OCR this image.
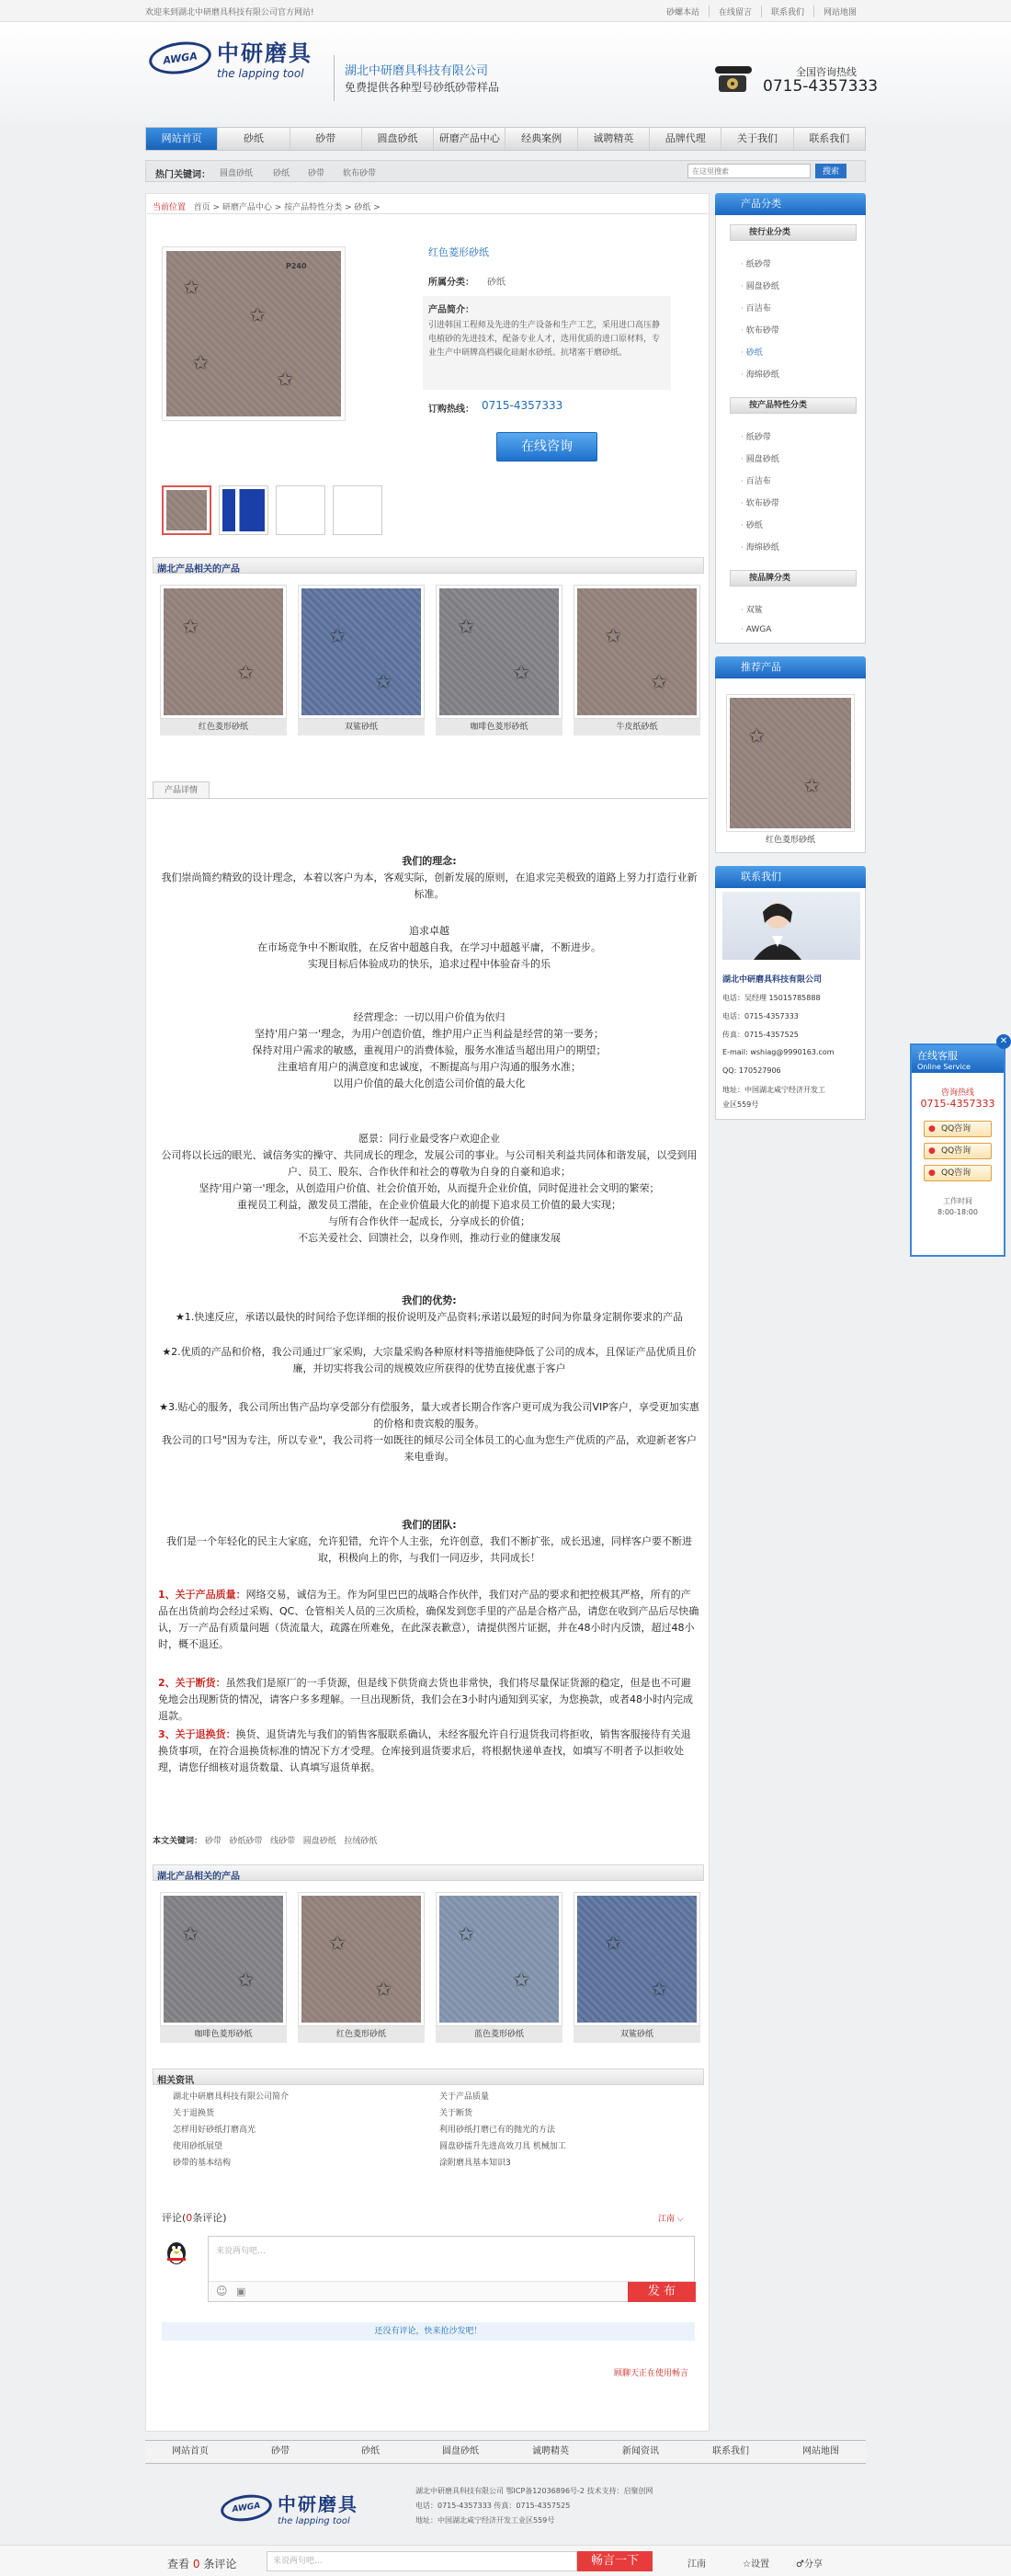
欢迎来到湖北中研磨具科技有限公司官方网站!	砂螺本站	在线留言	联系我们	网站地图
AWGA 中研磨具
the lapping tool	湖北中研磨具科技有限公司
免费提供各种型号砂纸砂带样品
全国咨询热线
0715-4357333
网站首页	砂纸	砂带	圆盘砂纸	研磨产品中心	经典案例	诚聘精英	品牌代理	关于我们	联系我们
热门关键词： 圆盘砂纸 砂纸 砂带 软布砂带
在这里搜索	搜索
当前位置 首页 > 研磨产品中心 > 按产品特性分类 > 砂纸 >
P240
✩
✩
✩
✩
红色菱形砂纸
所属分类： 砂纸
产品简介：
引进韩国工程师及先进的生产设备和生产工艺，采用进口高压静电植砂的先进技术，配备专业人才，选用优质的进口原材料，专业生产中研牌高档碳化硅耐水砂纸、抗堵塞干磨砂纸。
订购热线： 0715-4357333
在线咨询
湖北产品相关的产品
✩
✩
红色菱形砂纸
✩
✩
双鲨砂纸
✩
✩
咖啡色菱形砂纸
✩
✩
牛皮纸砂纸
产品详情
我们的理念:
我们崇尚简约精致的设计理念，本着以客户为本，客观实际，创新发展的原则，在追求完美极致的道路上努力打造行业新标准。
追求卓越
在市场竞争中不断取胜，在反省中超越自我，在学习中超越平庸，不断进步。
实现目标后体验成功的快乐，追求过程中体验奋斗的乐
经营理念：一切以用户价值为依归
坚持'用户第一'理念，为用户创造价值，维护用户正当利益是经营的第一要务；
保持对用户需求的敏感，重视用户的消费体验，服务水准适当超出用户的期望；
注重培育用户的满意度和忠诚度，不断提高与用户沟通的服务水准；
以用户价值的最大化创造公司价值的最大化
愿景：同行业最受客户欢迎企业
公司将以长远的眼光、诚信务实的操守、共同成长的理念，发展公司的事业。与公司相关利益共同体和谐发展，以受到用户、员工、股东、合作伙伴和社会的尊敬为自身的自豪和追求；
坚持'用户第一'理念，从创造用户价值、社会价值开始，从而提升企业价值，同时促进社会文明的繁荣；
重视员工利益，激发员工潜能，在企业价值最大化的前提下追求员工价值的最大实现；
与所有合作伙伴一起成长，分享成长的价值；
不忘关爱社会、回馈社会，以身作则，推动行业的健康发展
我们的优势:
★1.快速反应，承诺以最快的时间给予您详细的报价说明及产品资料;承诺以最短的时间为你量身定制你要求的产品
★2.优质的产品和价格，我公司通过厂家采购，大宗量采购各种原材料等措施使降低了公司的成本，且保证产品优质且价廉，并切实将我公司的规模效应所获得的优势直接优惠于客户
★3.贴心的服务，我公司所出售产品均享受部分有偿服务，量大或者长期合作客户更可成为我公司VIP客户，享受更加实惠的价格和贵宾般的服务。
我公司的口号"因为专注，所以专业"，我公司将一如既往的倾尽公司全体员工的心血为您生产优质的产品，欢迎新老客户来电垂询。
我们的团队:
我们是一个年轻化的民主大家庭，允许犯错，允许个人主张，允许创意，我们不断扩张，成长迅速，同样客户要不断进取，积极向上的你，与我们一同迈步，共同成长！
1、关于产品质量：网络交易，诚信为王。作为阿里巴巴的战略合作伙伴，我们对产品的要求和把控极其严格，所有的产品在出货前均会经过采购、QC、仓管相关人员的三次质检，确保发到您手里的产品是合格产品，请您在收到产品后尽快确认，万一产品有质量问题（货流量大，疏露在所难免，在此深表歉意），请提供图片证据，并在48小时内反馈，超过48小时，概不退还。
2、关于断货：虽然我们是原厂的一手货源，但是线下供货商去货也非常快，我们将尽量保证货源的稳定，但是也不可避免地会出现断货的情况，请客户多多理解。一旦出现断货，我们会在3小时内通知到买家，为您换款，或者48小时内完成退款。
3、关于退换货：换货、退货请先与我们的销售客服联系确认，未经客服允许自行退货我司将拒收，销售客服接待有关退换货事项，在符合退换货标准的情况下方才受理。仓库接到退货要求后，将根据快递单查找，如填写不明者予以拒收处理，请您仔细核对退货数量、认真填写退货单据。
本文关键词： 砂带 砂纸砂带 线砂带 圆盘砂纸 拉绒砂纸
湖北产品相关的产品
✩
✩
咖啡色菱形砂纸
✩
✩
红色菱形砂纸
✩
✩
蓝色菱形砂纸
✩
✩
双鲨砂纸
相关资讯
湖北中研磨具科技有限公司简介
关于退换货
怎样用好砂纸打磨高光
使用砂纸展望
砂带的基本结构
关于产品质量
关于断货
利用砂纸打磨已有的抛光的方法
圆盘砂擂升先进高效刀具 机械加工
涂附磨具基本知识3
评论(0条评论)	江南 ⌵
来说两句吧…
☺ ▣	发 布
还没有评论，快来抢沙发吧！
顾聊天正在使用畅言
产品分类
按行业分类
· 纸砂带
· 圆盘砂纸
· 百洁布
· 软布砂带
· 砂纸
· 海绵砂纸
按产品特性分类
· 纸砂带
· 圆盘砂纸
· 百洁布
· 软布砂带
· 砂纸
· 海绵砂纸
按品牌分类
· 双鲨
· AWGA
推荐产品
✩
✩
红色菱形砂纸
联系我们
湖北中研磨具科技有限公司
电话：吴经理 15015785888
电话：0715-4357333
传真：0715-4357525
E-mail: wshiag@9990163.com
QQ: 170527906
地址：中国湖北咸宁经济开发工
业区559号
✕
在线客服
Online Service
咨询热线
0715-4357333
● QQ咨询
● QQ咨询
● QQ咨询
工作时间
8:00-18:00
网站首页	砂带	砂纸	圆盘砂纸	诚聘精英	新闻资讯	联系我们	网站地图
AWGA 中研磨具
the lapping tool
湖北中研磨具科技有限公司 鄂ICP备12036896号-2 技术支持：启聚创网
电话：0715-4357333 传真：0715-4357525
地址：中国湖北咸宁经济开发工业区559号
查看 0 条评论	来说两句吧…	畅言一下	江南	☆设置	♂分享
